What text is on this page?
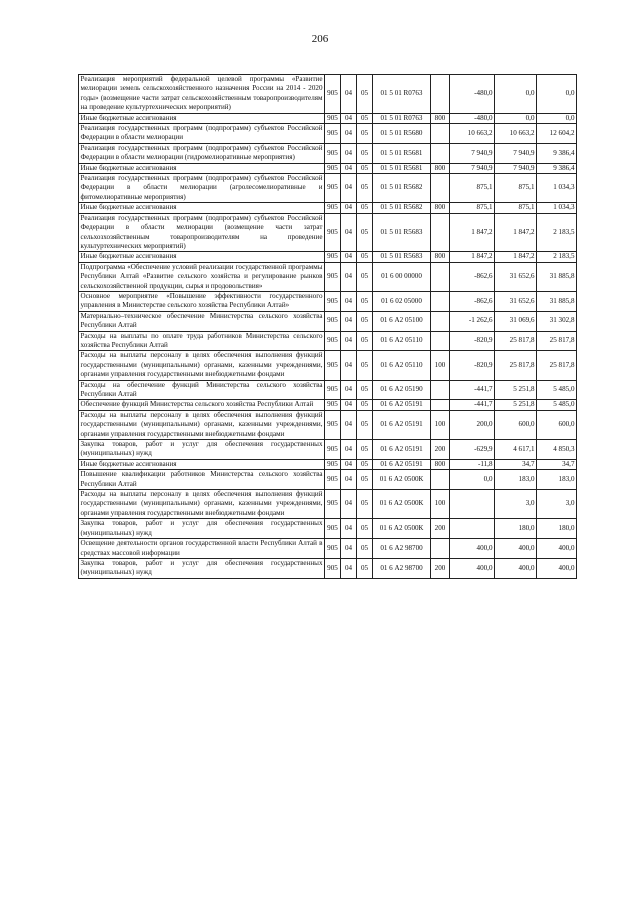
206
Реализация мероприятий федеральной целевой программы «Развитие мелиорации земель сельскохозяйственного назначения России на 2014 - 2020 годы» (возмещение части затрат сельскохозяйственным товаропроизводителям на проведение культуртехнических мероприятий)	905	04	05	01 5 01 R0763		-480,0	0,0	0,0
Иные бюджетные ассигнования	905	04	05	01 5 01 R0763	800	-480,0	0,0	0,0
Реализация государственных программ (подпрограмм) субъектов Российской Федерации в области мелиорации	905	04	05	01 5 01 R5680		10 663,2	10 663,2	12 604,2
Реализация государственных программ (подпрограмм) субъектов Российской Федерации в области мелиорации (гидромелиоративные мероприятия)	905	04	05	01 5 01 R5681		7 940,9	7 940,9	9 386,4
Иные бюджетные ассигнования	905	04	05	01 5 01 R5681	800	7 940,9	7 940,9	9 386,4
Реализация государственных программ (подпрограмм) субъектов Российской Федерации в области мелиорации (агролесомелиоративные и фитомелиоративные мероприятия)	905	04	05	01 5 01 R5682		875,1	875,1	1 034,3
Иные бюджетные ассигнования	905	04	05	01 5 01 R5682	800	875,1	875,1	1 034,3
Реализация государственных программ (подпрограмм) субъектов Российской Федерации в области мелиорации (возмещение части затрат сельхозхозяйственным товаропроизводителям на проведение культуртехнических мероприятий)	905	04	05	01 5 01 R5683		1 847,2	1 847,2	2 183,5
Иные бюджетные ассигнования	905	04	05	01 5 01 R5683	800	1 847,2	1 847,2	2 183,5
Подпрограмма «Обеспечение условий реализации государственной программы Республики Алтай «Развитие сельского хозяйства и регулирование рынков сельскохозяйственной продукции, сырья и продовольствия»	905	04	05	01 6 00 00000		-862,6	31 652,6	31 885,8
Основное мероприятие «Повышение эффективности государственного управления в Министерстве сельского хозяйства Республики Алтай»	905	04	05	01 6 02 05000		-862,6	31 652,6	31 885,8
Материально–техническое обеспечение Министерства сельского хозяйства Республики Алтай	905	04	05	01 6 А2 05100		-1 262,6	31 069,6	31 302,8
Расходы на выплаты по оплате труда работников Министерства сельского хозяйства Республики Алтай	905	04	05	01 6 А2 05110		-820,9	25 817,8	25 817,8
Расходы на выплаты персоналу в целях обеспечения выполнения функций государственными (муниципальными) органами, казенными учреждениями, органами управления государственными внебюджетными фондами	905	04	05	01 6 А2 05110	100	-820,9	25 817,8	25 817,8
Расходы на обеспечение функций Министерства сельского хозяйства Республики Алтай	905	04	05	01 6 А2 05190		-441,7	5 251,8	5 485,0
Обеспечение функций Министерства сельского хозяйства Республики Алтай	905	04	05	01 6 А2 05191		-441,7	5 251,8	5 485,0
Расходы на выплаты персоналу в целях обеспечения выполнения функций государственными (муниципальными) органами, казенными учреждениями, органами управления государственными внебюджетными фондами	905	04	05	01 6 А2 05191	100	200,0	600,0	600,0
Закупка товаров, работ и услуг для обеспечения государственных (муниципальных) нужд	905	04	05	01 6 А2 05191	200	-629,9	4 617,1	4 850,3
Иные бюджетные ассигнования	905	04	05	01 6 А2 05191	800	-11,8	34,7	34,7
Повышение квалификации работников Министерства сельского хозяйства Республики Алтай	905	04	05	01 6 А2 0500К		0,0	183,0	183,0
Расходы на выплаты персоналу в целях обеспечения выполнения функций государственными (муниципальными) органами, казенными учреждениями, органами управления государственными внебюджетными фондами	905	04	05	01 6 А2 0500К	100		3,0	3,0
Закупка товаров, работ и услуг для обеспечения государственных (муниципальных) нужд	905	04	05	01 6 А2 0500К	200		180,0	180,0
Освещение деятельности органов государственной власти Республики Алтай в средствах массовой информации	905	04	05	01 6 А2 98700		400,0	400,0	400,0
Закупка товаров, работ и услуг для обеспечения государственных (муниципальных) нужд	905	04	05	01 6 А2 98700	200	400,0	400,0	400,0
